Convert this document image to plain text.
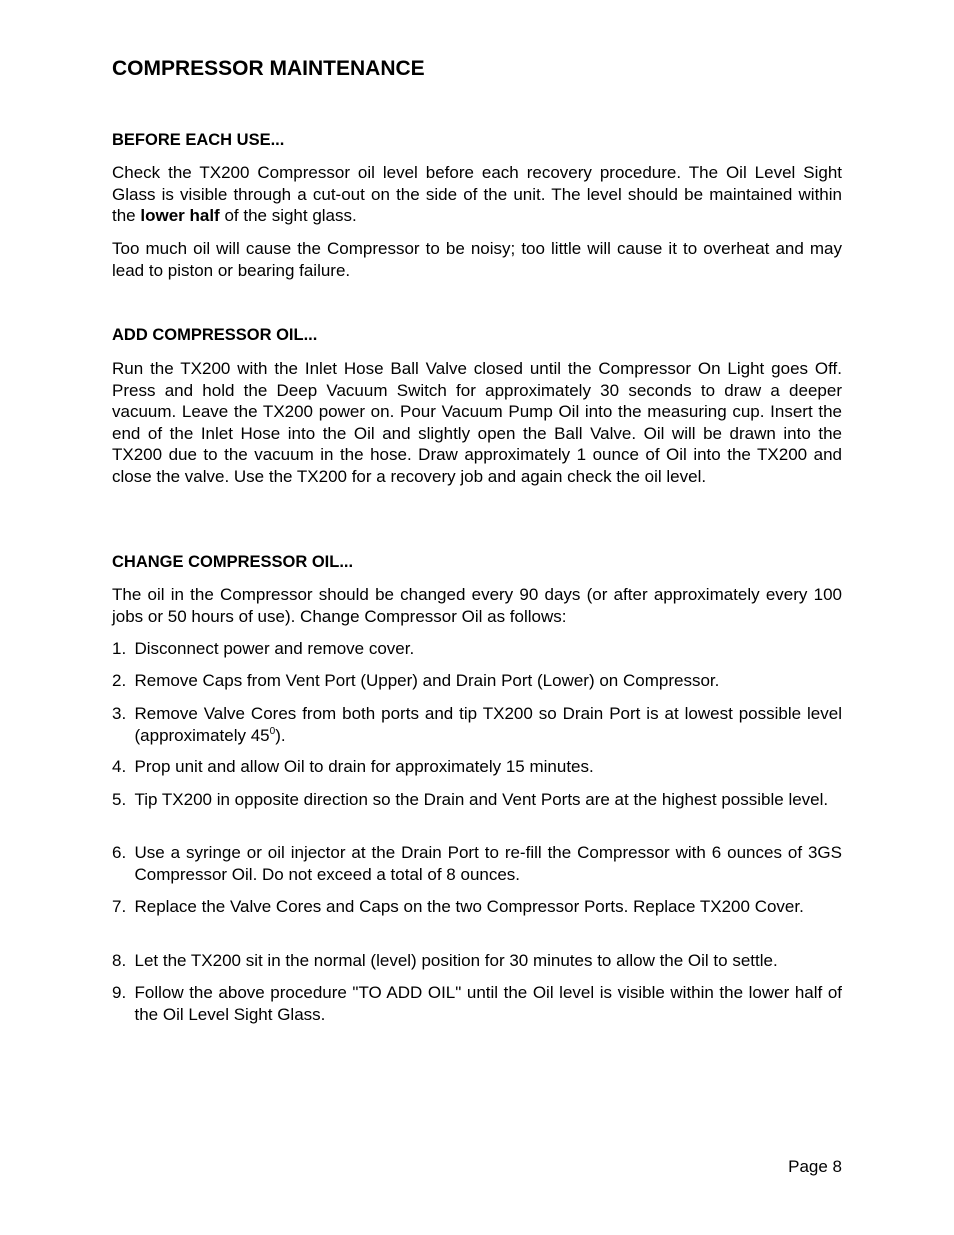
COMPRESSOR MAINTENANCE
BEFORE EACH USE...

Check the TX200 Compressor oil level before each recovery procedure. The Oil Level Sight Glass is visible through a cut-out on the side of the unit. The level should be maintained within the lower half of the sight glass.

Too much oil will cause the Compressor to be noisy; too little will cause it to overheat and may lead to piston or bearing failure.

ADD COMPRESSOR OIL...

Run the TX200 with the Inlet Hose Ball Valve closed until the Compressor On Light goes Off. Press and hold the Deep Vacuum Switch for approximately 30 seconds to draw a deeper vacuum. Leave the TX200 power on. Pour Vacuum Pump Oil into the measuring cup. Insert the end of the Inlet Hose into the Oil and slightly open the Ball Valve. Oil will be drawn into the TX200 due to the vacuum in the hose. Draw approximately 1 ounce of Oil into the TX200 and close the valve. Use the TX200 for a recovery job and again check the oil level.

CHANGE COMPRESSOR OIL...

The oil in the Compressor should be changed every 90 days (or after approximately every 100 jobs or 50 hours of use). Change Compressor Oil as follows:

1. Disconnect power and remove cover.
2. Remove Caps from Vent Port (Upper) and Drain Port (Lower) on Compressor.
3. Remove Valve Cores from both ports and tip TX200 so Drain Port is at lowest possible level (approximately $45^0$).
4. Prop unit and allow Oil to drain for approximately 15 minutes.
5. Tip TX200 in opposite direction so the Drain and Vent Ports are at the highest possible level.
6. Use a syringe or oil injector at the Drain Port to re-fill the Compressor with 6 ounces of 3GS Compressor Oil. Do not exceed a total of 8 ounces.
7. Replace the Valve Cores and Caps on the two Compressor Ports. Replace TX200 Cover.
8. Let the TX200 sit in the normal (level) position for 30 minutes to allow the Oil to settle.
9. Follow the above procedure "TO ADD OIL" until the Oil level is visible within the lower half of the Oil Level Sight Glass.

Page 8
